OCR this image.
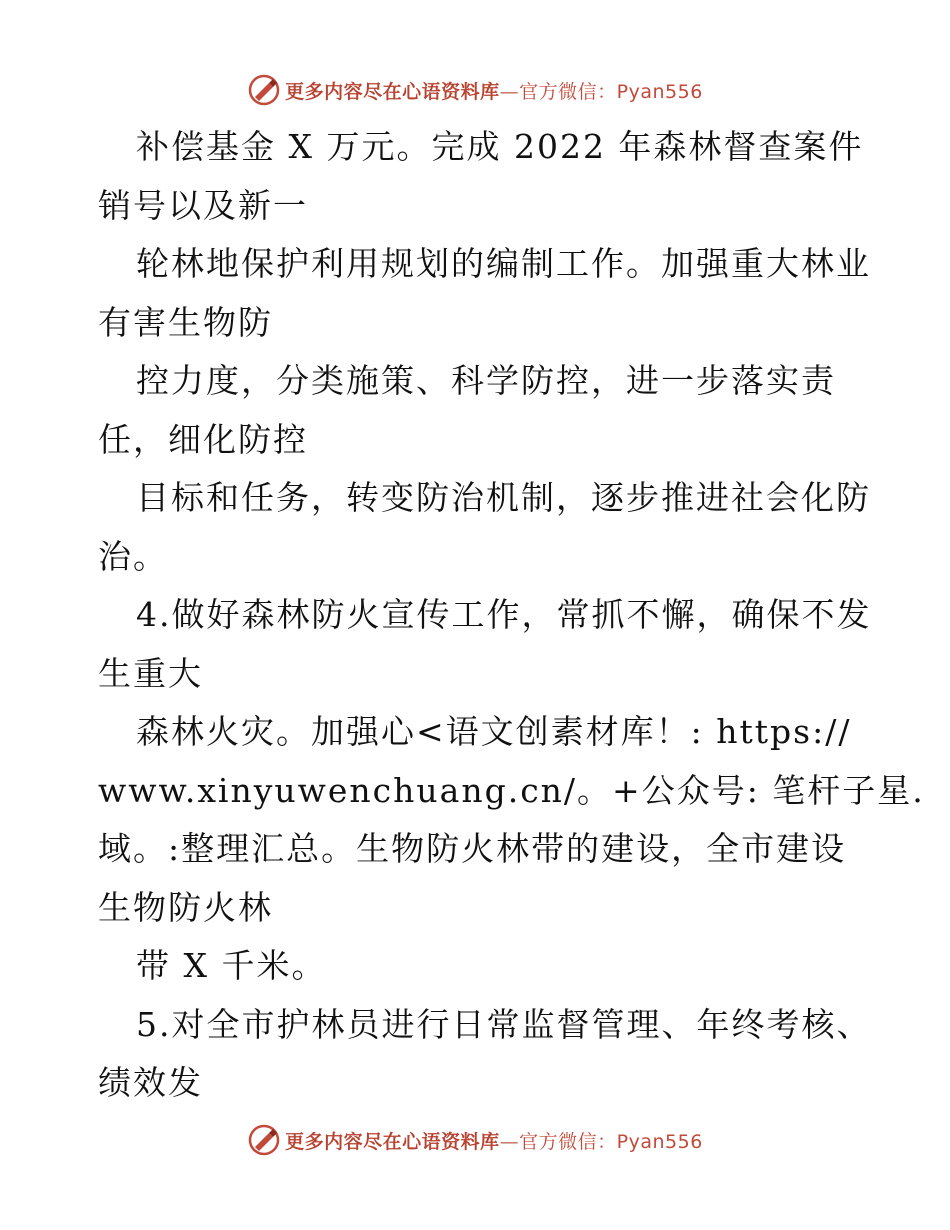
更多内容尽在心语资料库—官方微信：Pyan556
补偿基金 X 万元。完成 2022 年森林督查案件
销号以及新一
轮林地保护利用规划的编制工作。加强重大林业
有害生物防
控力度，分类施策、科学防控，进一步落实责
任，细化防控
目标和任务，转变防治机制，逐步推进社会化防
治。
4.做好森林防火宣传工作，常抓不懈，确保不发
生重大
森林火灾。加强心<语文创素材库！: https://
www.xinyuwenchuang.cn/。+公众号: 笔杆子星.
域。:整理汇总。生物防火林带的建设，全市建设
生物防火林
带 X 千米。
5.对全市护林员进行日常监督管理、年终考核、
绩效发
更多内容尽在心语资料库—官方微信：Pyan556
